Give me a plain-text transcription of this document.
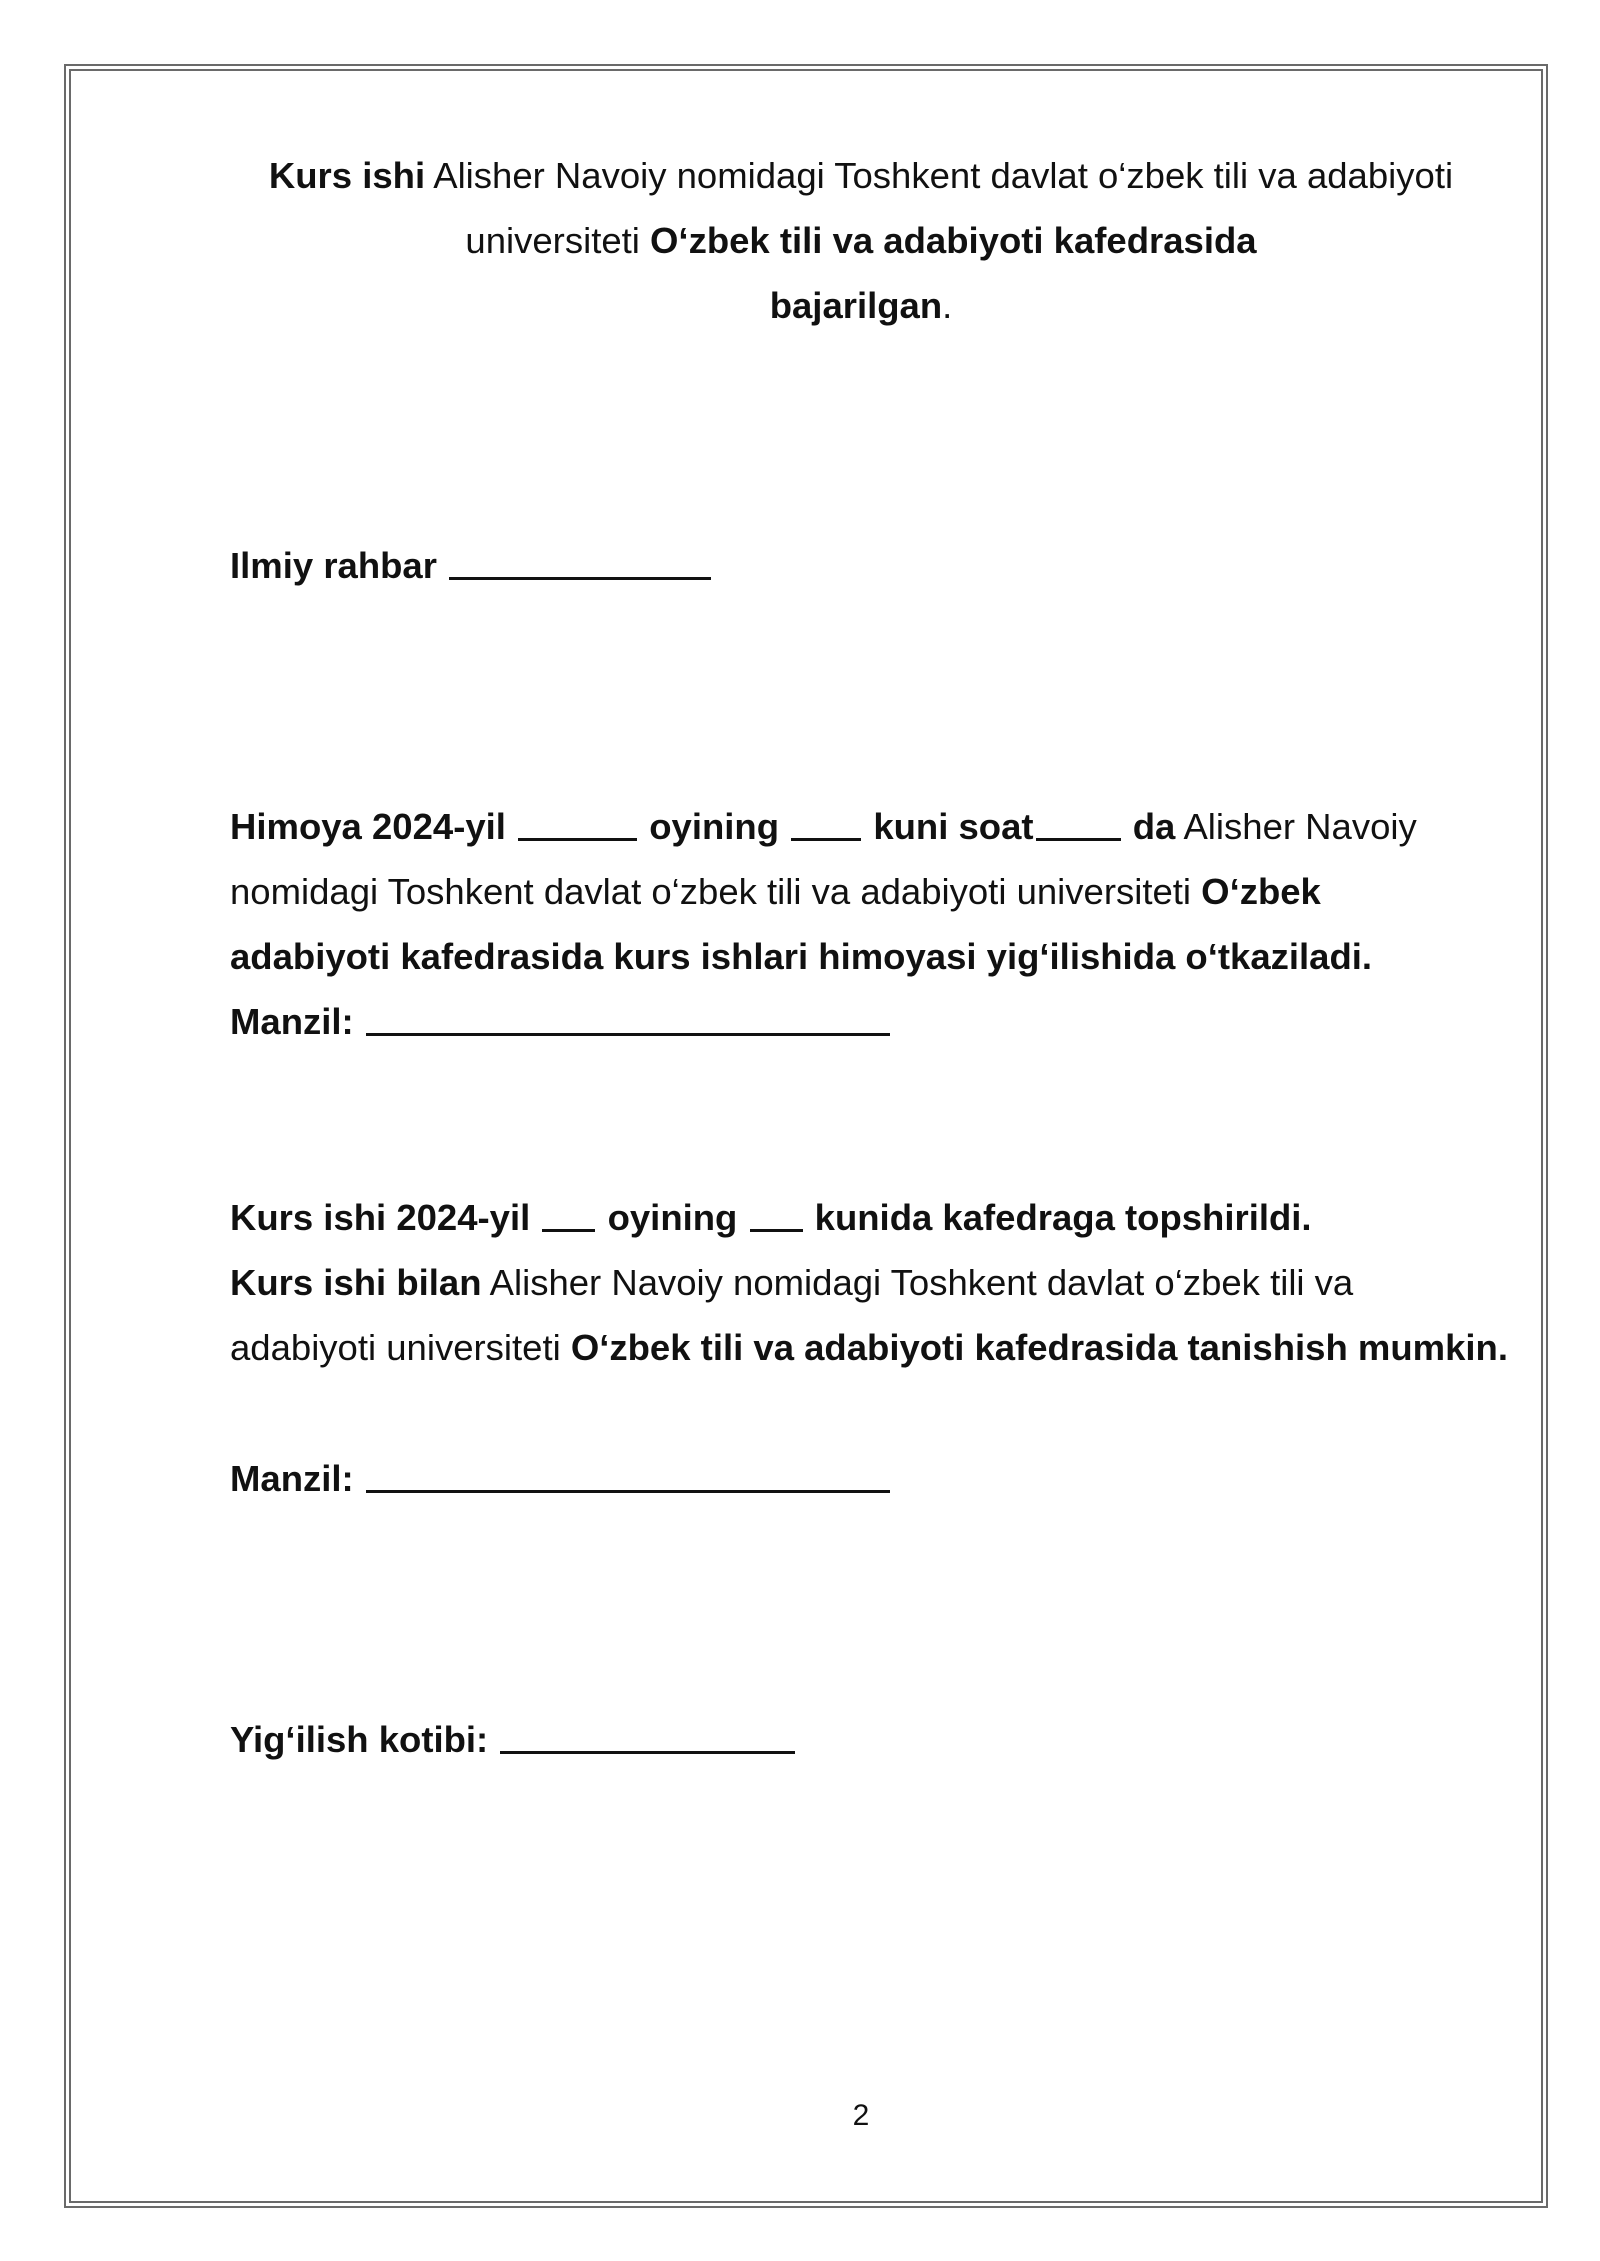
Kurs ishi Alisher Navoiy nomidagi Toshkent davlat o‘zbek tili va adabiyoti
universiteti O‘zbek tili va adabiyoti kafedrasida
bajarilgan.
Ilmiy rahbar
Himoya 2024-yil	oyining	kuni soat	da Alisher Navoiy
nomidagi Toshkent davlat o‘zbek tili va adabiyoti universiteti O‘zbek
adabiyoti kafedrasida kurs ishlari himoyasi yig‘ilishida o‘tkaziladi.
Manzil:
Kurs ishi 2024-yil oyining kunida kafedraga topshirildi.
Kurs ishi bilan Alisher Navoiy nomidagi Toshkent davlat o‘zbek tili va
adabiyoti universiteti O‘zbek tili va adabiyoti kafedrasida tanishish mumkin.
Manzil:
Yig‘ilish kotibi:
2
